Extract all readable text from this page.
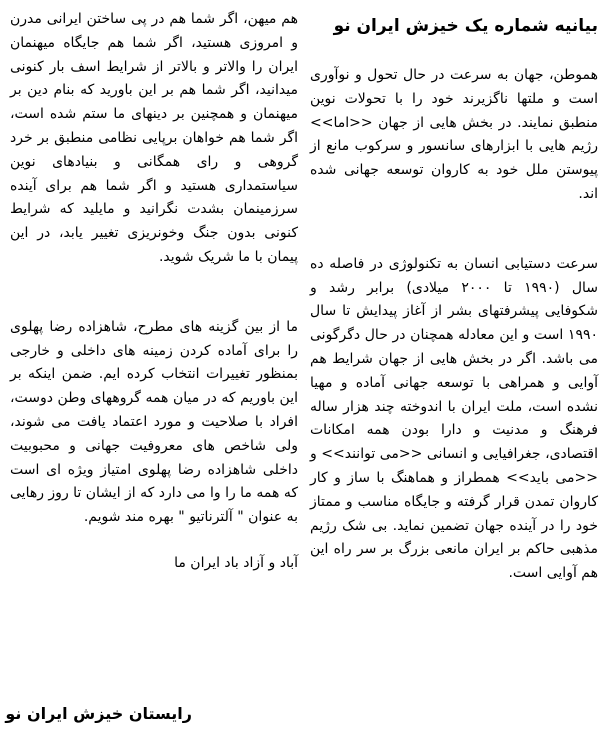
بیانیه شماره یک خیزش ایران نو

هموطن، جهان به سرعت در حال تحول و نوآوری است و ملتها ناگزیرند خود را با تحولات نوین منطبق نمایند. در بخش هایی از جهان <<اما>> رژیم هایی با ابزارهای سانسور و سرکوب مانع از پیوستن ملل خود به کاروان توسعه جهانی شده اند.

سرعت دستیابی انسان به تکنولوژی در فاصله ده سال (۱۹۹۰ تا ۲۰۰۰ میلادی) برابر رشد و شکوفایی پیشرفتهای بشر از آغاز پیدایش تا سال ۱۹۹۰ است و این معادله همچنان در حال دگرگونی می باشد. اگر در بخش هایی از جهان شرایط هم آوایی و همراهی با توسعه جهانی آماده و مهیا نشده است، ملت ایران با اندوخته چند هزار ساله فرهنگ و مدنیت و دارا بودن همه امکانات اقتصادی، جغرافیایی و انسانی <<می توانند>> و <<می باید>> همطراز و هماهنگ با ساز و کار کاروان تمدن قرار گرفته و جایگاه مناسب و ممتاز خود را در آینده جهان تضمین نماید. بی شک رژیم مذهبی حاکم بر ایران مانعی بزرگ بر سر راه این هم آوایی است.

هم میهن، اگر شما هم در پی ساختن ایرانی مدرن و امروزی هستید، اگر شما هم جایگاه میهنمان ایران را والاتر و بالاتر از شرایط اسف بار کنونی میدانید، اگر شما هم بر این باورید که بنام دین بر میهنمان و همچنین بر دینهای ما ستم شده است، اگر شما هم خواهان برپایی نظامی منطبق بر خرد گروهی و رای همگانی و بنیادهای نوین سیاستمداری هستید و اگر شما هم برای آینده سرزمینمان بشدت نگرانید و مایلید که شرایط کنونی بدون جنگ وخونریزی تغییر یابد، در این پیمان با ما شریک شوید.

ما از بین گزینه های مطرح، شاهزاده رضا پهلوی را برای آماده کردن زمینه های داخلی و خارجی بمنظور تغییرات انتخاب کرده ایم. ضمن اینکه بر این باوریم که در میان همه گروههای وطن دوست، افراد با صلاحیت و مورد اعتماد یافت می شوند، ولی شاخص های معروفیت جهانی و محبوبیت داخلی شاهزاده رضا پهلوی امتیاز ویژه ای است که همه ما را وا می دارد که از ایشان تا روز رهایی به عنوان " آلترناتیو " بهره مند شویم.

آباد و آزاد باد ایران ما
رایستان خیزش ایران نو
